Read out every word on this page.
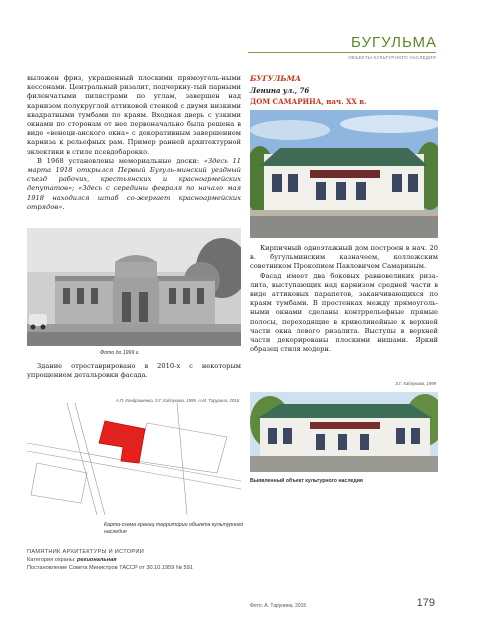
БУГУЛЬМА
ОБЪЕКТЫ КУЛЬТУРНОГО НАСЛЕДИЯ

выложен фриз, украшенный плоскими прямоуголь-ными кессонами. Центральный ризалит, подчеркну-тый парными филенчатыми пилястрами по углам, завершен над карнизом полукруглой аттиковой стенкой с двумя низкими квадратными тумбами по краям. Входная дверь с узкими окнами по сторонам от нее первоначально была решена в виде «венеци-анского окна» с декоративным завершением карниза к рельефных рам. Пример ранней архитектурной эклектики в стиле псевдобарокко.

В 1968 установлены мемориальные доски: «Здесь 11 марта 1918 открылся Первый Бугуль-минский уездный съезд рабочих, крестьянских и красноармейских депутатов»; «Здесь с середины февраля по начало мая 1918 находился штаб со-жергает красноармейских отрядов».

Фото до 1999 г.

Здание отреставрировано в 2010-х с некоторым упрощением детальровки фасада.

А.П. Кондрашенко, З.Г. Каблукова, 1999. А.М. Тарурина, 2016
БУГУЛЬМА
Ленина ул., 76
ДОМ САМАРИНА, нач. XX в.

Кирпичный одноэтажный дом построен в нач. 20 в. бугульминским казначеем, коллежским советником Прокопием Павловичем Самариным.

Фасад имеет два боковых равновеликих риза-лита, выступающих над карнизом средней части в виде аттиковых парапетов, заканчивающихся по краям тумбами. В простенках между прямоуголь-ными окнами сделаны контррельефные прямые полосы, переходящие в криволинейные к верхней части окна левого ризалита. Выступы в верхней части декорированы плоскими нишами. Яркий образец стиля модерн.

З.Г. Каблукова, 1999
Выявленный объект культурного наследия
Карта-схема границ территории объекта культурного наследия
ПАМЯТНИК АРХИТЕКТУРЫ И ИСТОРИИ
Категория охраны: региональная
Постановление Совета Министров ТАССР от 30.10.1959 № 591
Фото: А. Тарунина, 2015	179
